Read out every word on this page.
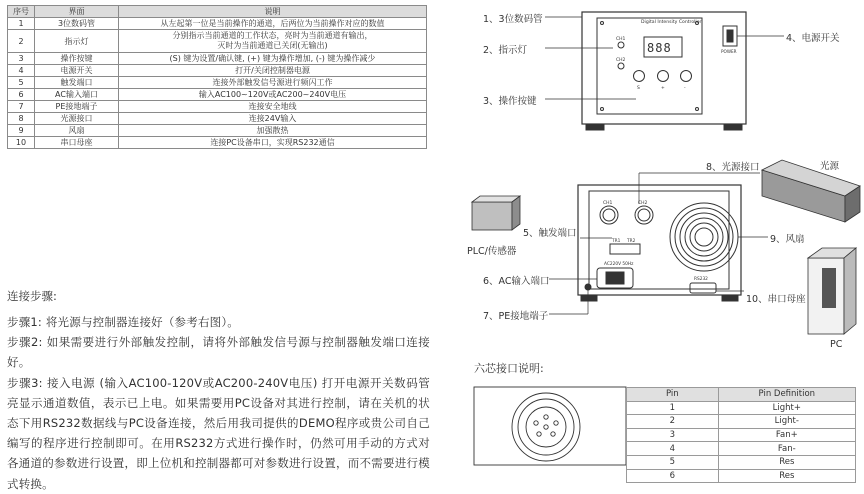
序号	界面	说明
1	3位数码管	从左起第一位是当前操作的通道，后两位为当前操作对应的数值
2	指示灯	分别指示当前通道的工作状态，亮时为当前通道有输出，
灭时为当前通道已关闭(无输出)
3	操作按键	(S) 键为设置/确认键, (+) 键为操作增加, (-) 键为操作减少
4	电源开关	打开/关闭控制器电源
5	触发端口	连接外部触发信号源进行频闪工作
6	AC输入端口	输入AC100~120V或AC200~240V电压
7	PE接地端子	连接安全地线
8	光源接口	连接24V输入
9	风扇	加强散热
10	串口母座	连接PC设备串口，实现RS232通信
连接步骤:

步骤1: 将光源与控制器连接好（参考右图）。

步骤2: 如果需要进行外部触发控制，请将外部触发信号源与控制器触发端口连接好。

步骤3: 接入电源 (输入AC100-120V或AC200-240V电压) 打开电源开关数码管亮显示通道数值，表示已上电。如果需要用PC设备对其进行控制，请在关机的状态下用RS232数据线与PC设备连接，然后用我司提供的DEMO程序或贵公司自己编写的程序进行控制即可。在用RS232方式进行操作时，仍然可用手动的方式对各通道的参数进行设置，即上位机和控制器都可对参数进行设置，而不需要进行模式转换。

Digital Intensity Controller
888
CH1
CH2
S	+	-
POWER
CH1	CH2
TR1 TR2
AC220V 50Hz
RS232
1、3位数码管
2、指示灯
3、操作按键
4、电源开关
8、光源接口
5、触发端口
9、风扇
6、AC输入端口
10、串口母座
7、PE接地端子
光源
PLC/传感器
PC
六芯接口说明:
Pin	Pin Definition
1	Light+
2	Light-
3	Fan+
4	Fan-
5	Res
6	Res
